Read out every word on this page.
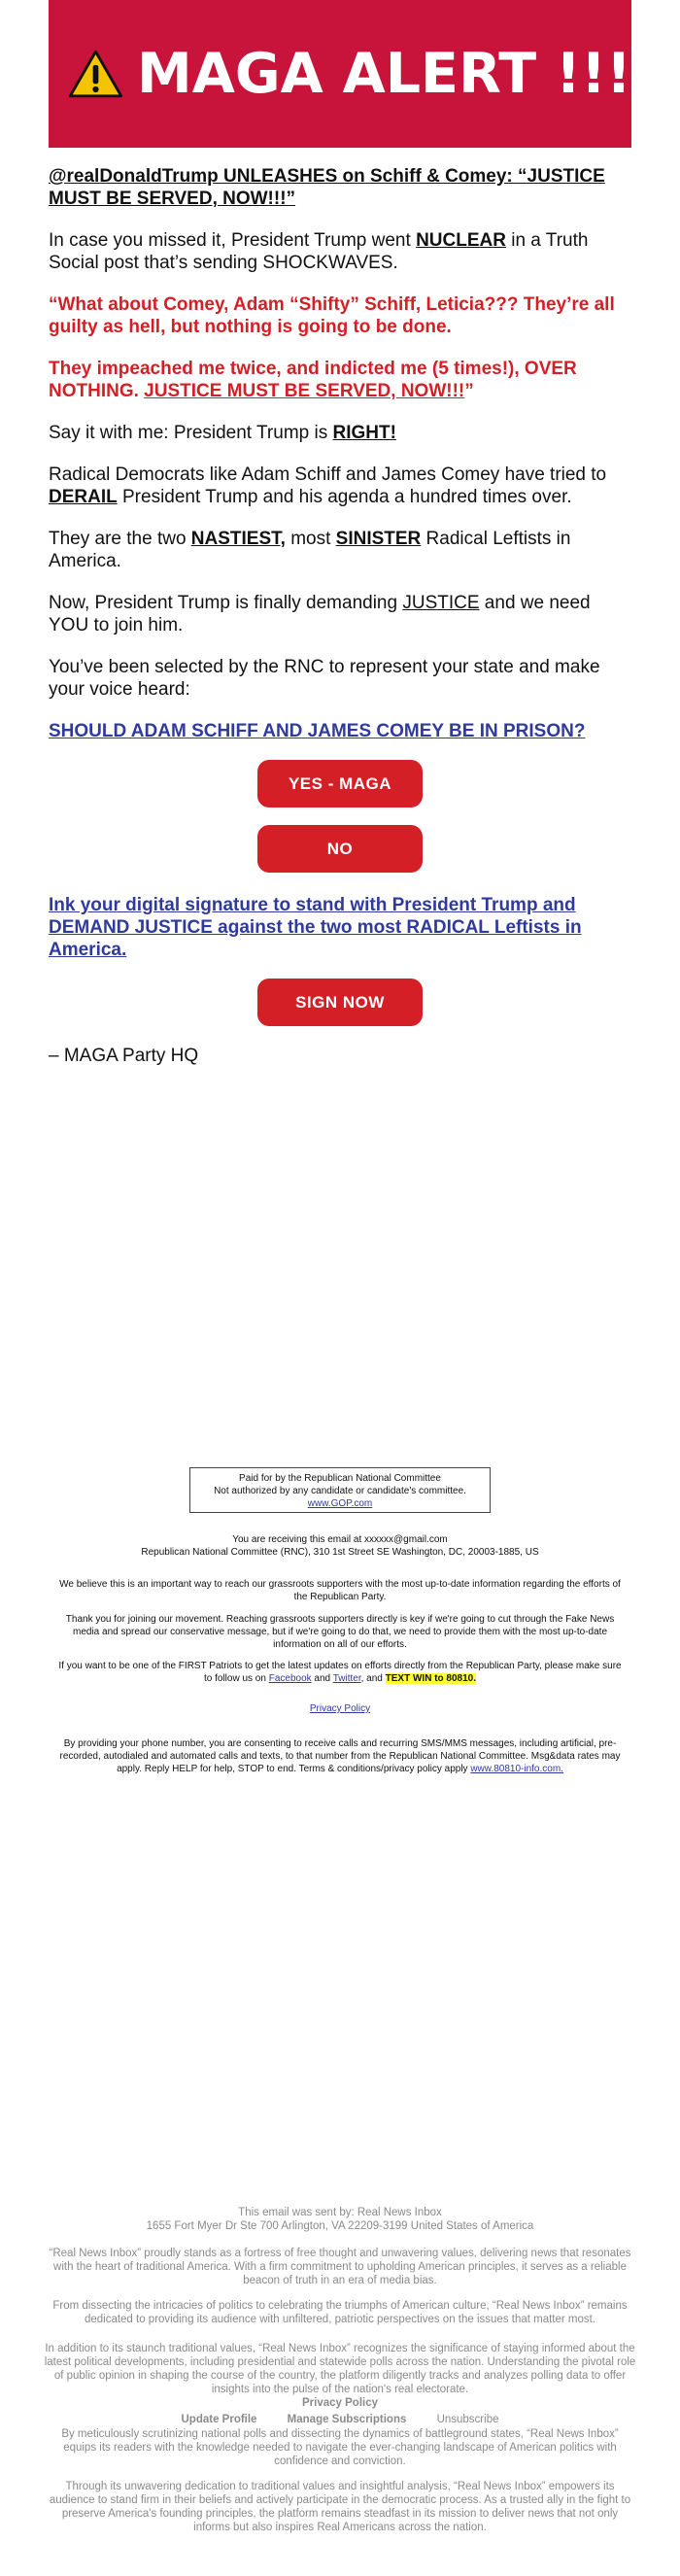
MAGA ALERT !!!
@realDonaldTrump UNLEASHES on Schiff & Comey: “JUSTICE MUST BE SERVED, NOW!!!”

In case you missed it, President Trump went NUCLEAR in a Truth Social post that’s sending SHOCKWAVES.

“What about Comey, Adam “Shifty” Schiff, Leticia??? They’re all guilty as hell, but nothing is going to be done.

They impeached me twice, and indicted me (5 times!), OVER NOTHING. JUSTICE MUST BE SERVED, NOW!!!”

Say it with me: President Trump is RIGHT!

Radical Democrats like Adam Schiff and James Comey have tried to DERAIL President Trump and his agenda a hundred times over.

They are the two NASTIEST, most SINISTER Radical Leftists in America.

Now, President Trump is finally demanding JUSTICE and we need YOU to join him.

You’ve been selected by the RNC to represent your state and make your voice heard:

SHOULD ADAM SCHIFF AND JAMES COMEY BE IN PRISON?
YES - MAGA
NO
Ink your digital signature to stand with President Trump and DEMAND JUSTICE against the two most RADICAL Leftists in America.
SIGN NOW

– MAGA Party HQ

Paid for by the Republican National Committee
Not authorized by any candidate or candidate's committee.
www.GOP.com
You are receiving this email at xxxxxx@gmail.com
Republican National Committee (RNC), 310 1st Street SE Washington, DC, 20003-1885, US
We believe this is an important way to reach our grassroots supporters with the most up-to-date information regarding the efforts of the Republican Party.
Thank you for joining our movement. Reaching grassroots supporters directly is key if we're going to cut through the Fake News media and spread our conservative message, but if we're going to do that, we need to provide them with the most up-to-date information on all of our efforts.
If you want to be one of the FIRST Patriots to get the latest updates on efforts directly from the Republican Party, please make sure to follow us on Facebook and Twitter, and TEXT WIN to 80810.
Privacy Policy
By providing your phone number, you are consenting to receive calls and recurring SMS/MMS messages, including artificial, pre-recorded, autodialed and automated calls and texts, to that number from the Republican National Committee. Msg&data rates may apply. Reply HELP for help, STOP to end. Terms & conditions/privacy policy apply www.80810-info.com.
This email was sent by: Real News Inbox
1655 Fort Myer Dr Ste 700 Arlington, VA 22209-3199 United States of America
“Real News Inbox” proudly stands as a fortress of free thought and unwavering values, delivering news that resonates with the heart of traditional America. With a firm commitment to upholding American principles, it serves as a reliable beacon of truth in an era of media bias.
From dissecting the intricacies of politics to celebrating the triumphs of American culture, “Real News Inbox” remains dedicated to providing its audience with unfiltered, patriotic perspectives on the issues that matter most.
In addition to its staunch traditional values, “Real News Inbox” recognizes the significance of staying informed about the latest political developments, including presidential and statewide polls across the nation. Understanding the pivotal role of public opinion in shaping the course of the country, the platform diligently tracks and analyzes polling data to offer insights into the pulse of the nation's real electorate.
Privacy Policy
Update Profile	Manage Subscriptions	Unsubscribe
By meticulously scrutinizing national polls and dissecting the dynamics of battleground states, “Real News Inbox” equips its readers with the knowledge needed to navigate the ever-changing landscape of American politics with confidence and conviction.
Through its unwavering dedication to traditional values and insightful analysis, “Real News Inbox” empowers its audience to stand firm in their beliefs and actively participate in the democratic process. As a trusted ally in the fight to preserve America's founding principles, the platform remains steadfast in its mission to deliver news that not only informs but also inspires Real Americans across the nation.
